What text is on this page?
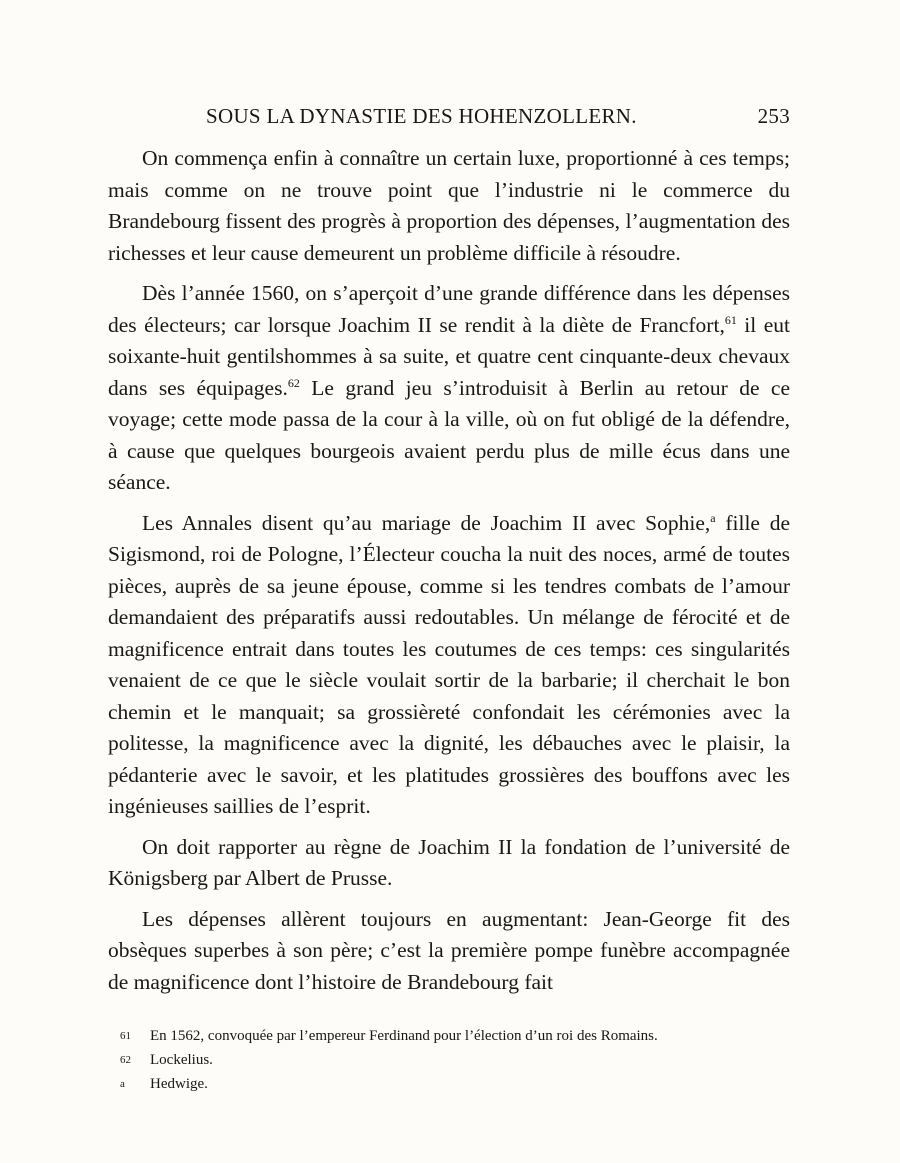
SOUS LA DYNASTIE DES HOHENZOLLERN.	253

On commença enfin à connaître un certain luxe, proportionné à ces temps; mais comme on ne trouve point que l’industrie ni le commerce du Brandebourg fissent des progrès à proportion des dépenses, l’augmentation des richesses et leur cause demeurent un problème difficile à résoudre.

Dès l’année 1560, on s’aperçoit d’une grande différence dans les dépenses des électeurs; car lorsque Joachim II se rendit à la diète de Francfort,$^{61}$ il eut soixante-huit gentilshommes à sa suite, et quatre cent cinquante-deux chevaux dans ses équipages.$^{62}$ Le grand jeu s’introduisit à Berlin au retour de ce voyage; cette mode passa de la cour à la ville, où on fut obligé de la défendre, à cause que quelques bourgeois avaient perdu plus de mille écus dans une séance.

Les Annales disent qu’au mariage de Joachim II avec Sophie,$^a$ fille de Sigismond, roi de Pologne, l’Électeur coucha la nuit des noces, armé de toutes pièces, auprès de sa jeune épouse, comme si les tendres combats de l’amour demandaient des préparatifs aussi redoutables. Un mélange de férocité et de magnificence entrait dans toutes les coutumes de ces temps: ces singularités venaient de ce que le siècle voulait sortir de la barbarie; il cherchait le bon chemin et le manquait; sa grossièreté confondait les cérémonies avec la politesse, la magnificence avec la dignité, les débauches avec le plaisir, la pédanterie avec le savoir, et les platitudes grossières des bouffons avec les ingénieuses saillies de l’esprit.

On doit rapporter au règne de Joachim II la fondation de l’université de Königsberg par Albert de Prusse.

Les dépenses allèrent toujours en augmentant: Jean-George fit des obsèques superbes à son père; c’est la première pompe funèbre accompagnée de magnificence dont l’histoire de Brandebourg fait

61	En 1562, convoquée par l’empereur Ferdinand pour l’élection d’un roi des Romains.
62	Lockelius.
a	Hedwige.
